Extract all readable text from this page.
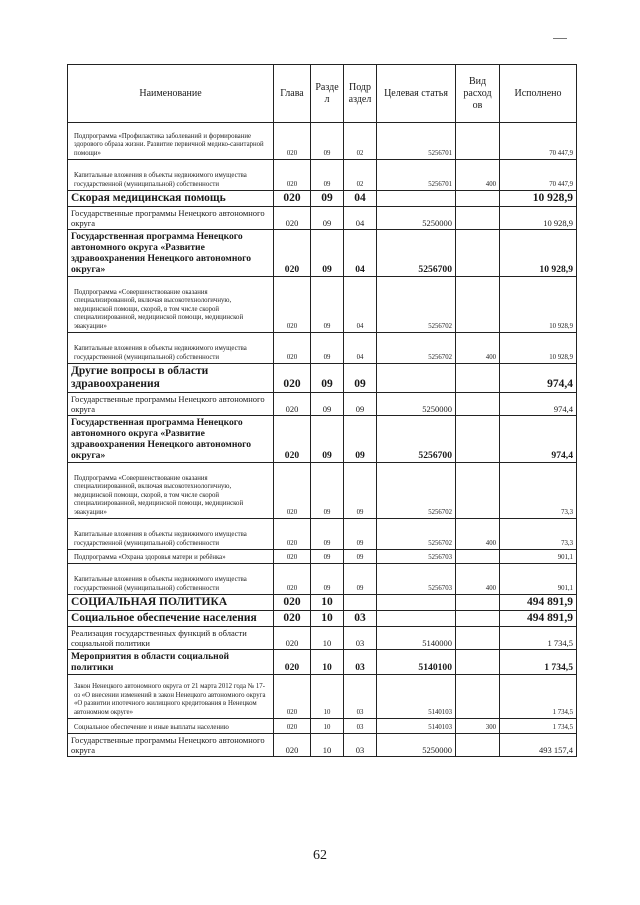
Наименование	Глава	Разде л	Подр аздел	Целевая статья	Вид расход ов	Исполнено
Подпрограмма «Профилактика заболеваний и формирование здорового образа жизни. Развитие первичной медико-санитарной помощи»	020	09	02	5256701		70 447,9
Капитальные вложения в объекты недвижимого имущества государственной (муниципальной) собственности	020	09	02	5256701	400	70 447,9
Скорая медицинская помощь	020	09	04			10 928,9
Государственные программы Ненецкого автономного округа	020	09	04	5250000		10 928,9
Государственная программа Ненецкого автономного округа «Развитие здравоохранения Ненецкого автономного округа»	020	09	04	5256700		10 928,9
Подпрограмма «Совершенствование оказания специализированной, включая высокотехнологичную, медицинской помощи, скорой, в том числе скорой специализированной, медицинской помощи, медицинской эвакуации»	020	09	04	5256702		10 928,9
Капитальные вложения в объекты недвижимого имущества государственной (муниципальной) собственности	020	09	04	5256702	400	10 928,9
Другие вопросы в области здравоохранения	020	09	09			974,4
Государственные программы Ненецкого автономного округа	020	09	09	5250000		974,4
Государственная программа Ненецкого автономного округа «Развитие здравоохранения Ненецкого автономного округа»	020	09	09	5256700		974,4
Подпрограмма «Совершенствование оказания специализированной, включая высокотехнологичную, медицинской помощи, скорой, в том числе скорой специализированной, медицинской помощи, медицинской эвакуации»	020	09	09	5256702		73,3
Капитальные вложения в объекты недвижимого имущества государственной (муниципальной) собственности	020	09	09	5256702	400	73,3
Подпрограмма «Охрана здоровья матери и ребёнка»	020	09	09	5256703		901,1
Капитальные вложения в объекты недвижимого имущества государственной (муниципальной) собственности	020	09	09	5256703	400	901,1
СОЦИАЛЬНАЯ ПОЛИТИКА	020	10				494 891,9
Социальное обеспечение населения	020	10	03			494 891,9
Реализация государственных функций в области социальной политики	020	10	03	5140000		1 734,5
Мероприятия в области социальной политики	020	10	03	5140100		1 734,5
Закон Ненецкого автономного округа от 21 марта 2012 года № 17-оз «О внесении изменений в закон Ненецкого автономного округа «О развитии ипотечного жилищного кредитования в Ненецком автономном округе»	020	10	03	5140103		1 734,5
Социальное обеспечение и иные выплаты населению	020	10	03	5140103	300	1 734,5
Государственные программы Ненецкого автономного округа	020	10	03	5250000		493 157,4
62
